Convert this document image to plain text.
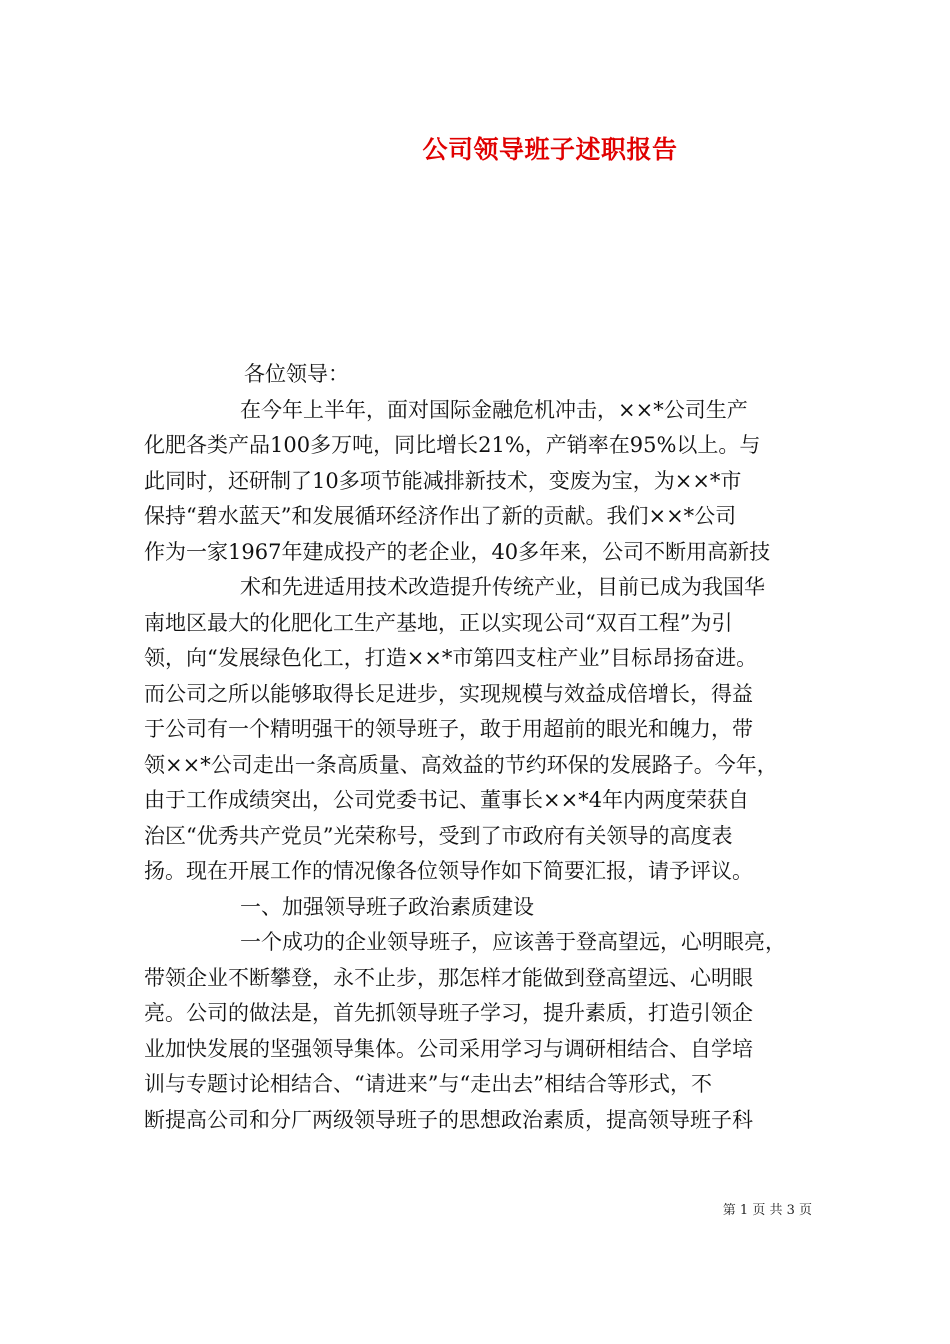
公司领导班子述职报告
各位领导：
在今年上半年，面对国际金融危机冲击，××*公司生产
化肥各类产品100多万吨，同比增长21%，产销率在95%以上。与
此同时，还研制了10多项节能减排新技术，变废为宝，为××*市
保持“碧水蓝天”和发展循环经济作出了新的贡献。我们××*公司
作为一家1967年建成投产的老企业，40多年来，公司不断用高新技
术和先进适用技术改造提升传统产业，目前已成为我国华
南地区最大的化肥化工生产基地，正以实现公司“双百工程”为引
领，向“发展绿色化工，打造××*市第四支柱产业”目标昂扬奋进。
而公司之所以能够取得长足进步，实现规模与效益成倍增长，得益
于公司有一个精明强干的领导班子，敢于用超前的眼光和魄力，带
领××*公司走出一条高质量、高效益的节约环保的发展路子。今年，
由于工作成绩突出，公司党委书记、董事长××*4年内两度荣获自
治区“优秀共产党员”光荣称号，受到了市政府有关领导的高度表
扬。现在开展工作的情况像各位领导作如下简要汇报，请予评议。
一、加强领导班子政治素质建设
一个成功的企业领导班子，应该善于登高望远，心明眼亮，
带领企业不断攀登，永不止步，那怎样才能做到登高望远、心明眼
亮。公司的做法是，首先抓领导班子学习，提升素质，打造引领企
业加快发展的坚强领导集体。公司采用学习与调研相结合、自学培
训与专题讨论相结合、“请进来”与“走出去”相结合等形式，不
断提高公司和分厂两级领导班子的思想政治素质，提高领导班子科
第 1 页 共 3 页
